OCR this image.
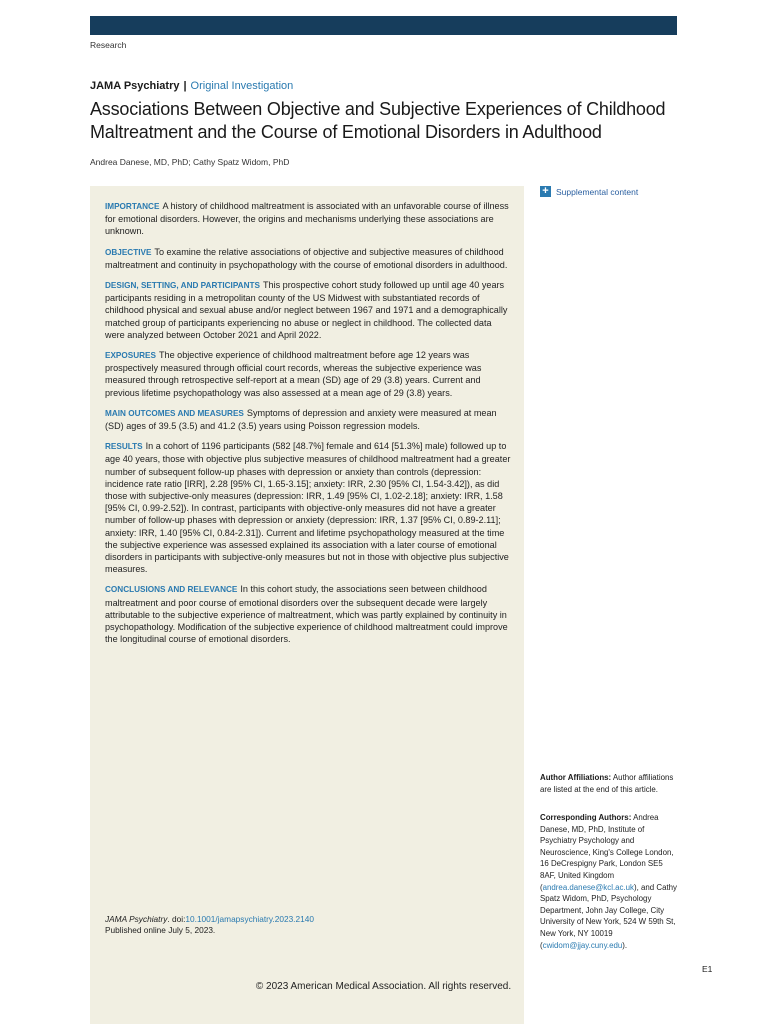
Research
JAMA Psychiatry | Original Investigation
Associations Between Objective and Subjective Experiences of Childhood Maltreatment and the Course of Emotional Disorders in Adulthood
Andrea Danese, MD, PhD; Cathy Spatz Widom, PhD

IMPORTANCE A history of childhood maltreatment is associated with an unfavorable course of illness for emotional disorders. However, the origins and mechanisms underlying these associations are unknown.

OBJECTIVE To examine the relative associations of objective and subjective measures of childhood maltreatment and continuity in psychopathology with the course of emotional disorders in adulthood.

DESIGN, SETTING, AND PARTICIPANTS This prospective cohort study followed up until age 40 years participants residing in a metropolitan county of the US Midwest with substantiated records of childhood physical and sexual abuse and/or neglect between 1967 and 1971 and a demographically matched group of participants experiencing no abuse or neglect in childhood. The collected data were analyzed between October 2021 and April 2022.

EXPOSURES The objective experience of childhood maltreatment before age 12 years was prospectively measured through official court records, whereas the subjective experience was measured through retrospective self-report at a mean (SD) age of 29 (3.8) years. Current and previous lifetime psychopathology was also assessed at a mean age of 29 (3.8) years.

MAIN OUTCOMES AND MEASURES Symptoms of depression and anxiety were measured at mean (SD) ages of 39.5 (3.5) and 41.2 (3.5) years using Poisson regression models.

RESULTS In a cohort of 1196 participants (582 [48.7%] female and 614 [51.3%] male) followed up to age 40 years, those with objective plus subjective measures of childhood maltreatment had a greater number of subsequent follow-up phases with depression or anxiety than controls (depression: incidence rate ratio [IRR], 2.28 [95% CI, 1.65-3.15]; anxiety: IRR, 2.30 [95% CI, 1.54-3.42]), as did those with subjective-only measures (depression: IRR, 1.49 [95% CI, 1.02-2.18]; anxiety: IRR, 1.58 [95% CI, 0.99-2.52]). In contrast, participants with objective-only measures did not have a greater number of follow-up phases with depression or anxiety (depression: IRR, 1.37 [95% CI, 0.89-2.11]; anxiety: IRR, 1.40 [95% CI, 0.84-2.31]). Current and lifetime psychopathology measured at the time the subjective experience was assessed explained its association with a later course of emotional disorders in participants with subjective-only measures but not in those with objective plus subjective measures.

CONCLUSIONS AND RELEVANCE In this cohort study, the associations seen between childhood maltreatment and poor course of emotional disorders over the subsequent decade were largely attributable to the subjective experience of maltreatment, which was partly explained by continuity in psychopathology. Modification of the subjective experience of childhood maltreatment could improve the longitudinal course of emotional disorders.

JAMA Psychiatry. doi:10.1001/jamapsychiatry.2023.2140
Published online July 5, 2023.
+ Supplemental content
Author Affiliations: Author affiliations are listed at the end of this article.
Corresponding Authors: Andrea Danese, MD, PhD, Institute of Psychiatry Psychology and Neuroscience, King's College London, 16 DeCrespigny Park, London SE5 8AF, United Kingdom (andrea.danese@kcl.ac.uk), and Cathy Spatz Widom, PhD, Psychology Department, John Jay College, City University of New York, 524 W 59th St, New York, NY 10019 (cwidom@jjay.cuny.edu).
E1
© 2023 American Medical Association. All rights reserved.
